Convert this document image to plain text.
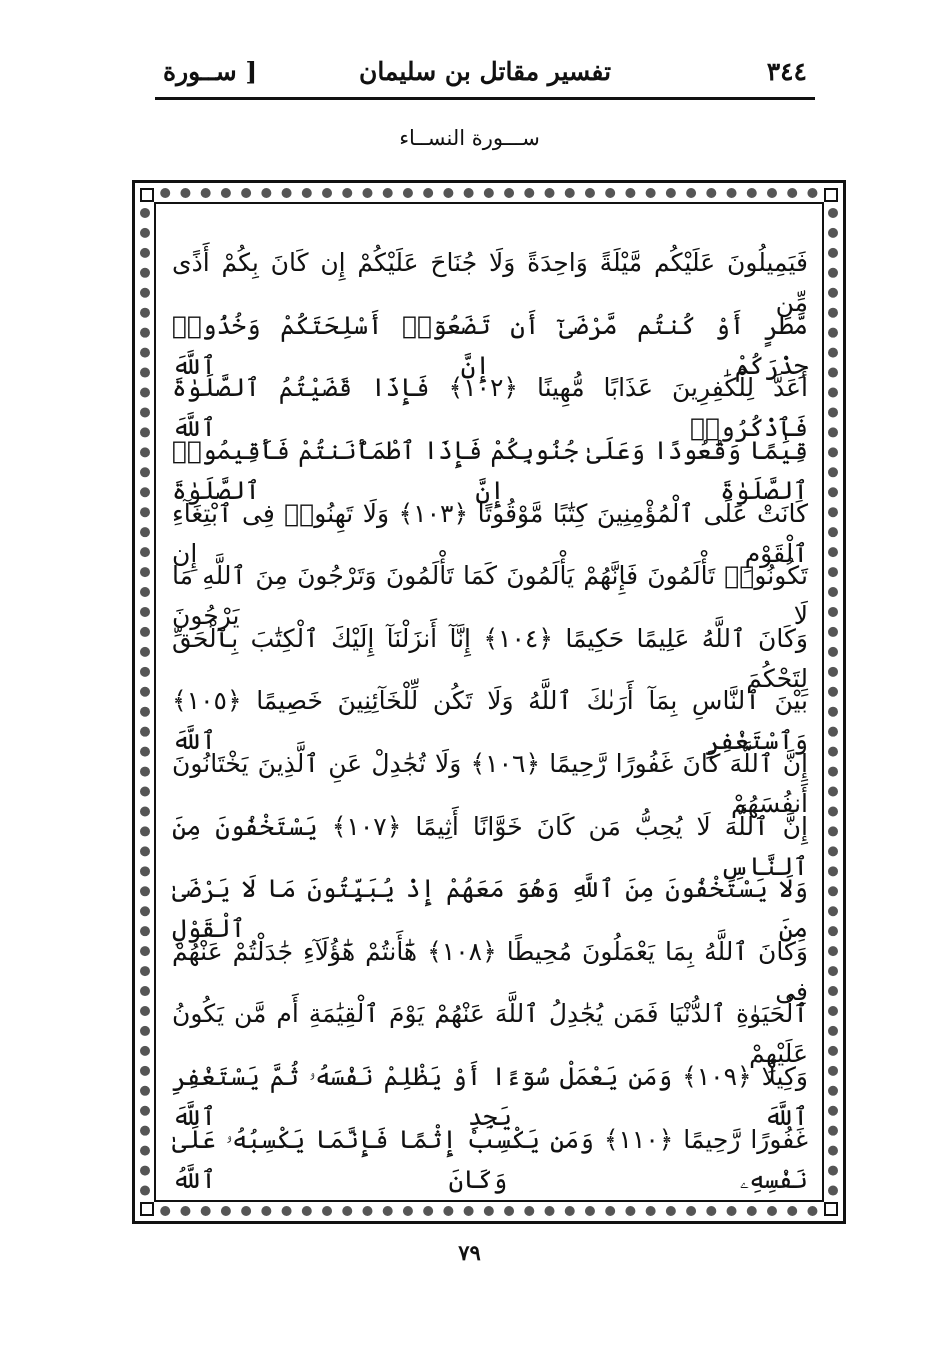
٣٤٤
تفسير مقاتل بن سليمان
[ ســورة
ســـورة النســاء
فَيَمِيلُونَ عَلَيْكُم مَّيْلَةً وَاحِدَةً وَلَا جُنَاحَ عَلَيْكُمْ إِن كَانَ بِكُمْ أَذًى مِّن
مَّطَرٍ أَوْ كُنتُم مَّرْضَىٰٓ أَن تَضَعُوٓا۟ أَسْلِحَتَكُمْ وَخُذُوا۟ حِذْرَكُمْ إِنَّ ٱللَّهَ
أَعَدَّ لِلْكَٰفِرِينَ عَذَابًا مُّهِينًا ﴿١٠٢﴾ فَإِذَا قَضَيْتُمُ ٱلصَّلَوٰةَ فَٱذْكُرُوا۟ ٱللَّهَ
قِيَٰمًا وَقُعُودًا وَعَلَىٰ جُنُوبِكُمْ فَإِذَا ٱطْمَأْنَنتُمْ فَأَقِيمُوا۟ ٱلصَّلَوٰةَ إِنَّ ٱلصَّلَوٰةَ
كَانَتْ عَلَى ٱلْمُؤْمِنِينَ كِتَٰبًا مَّوْقُوتًا ﴿١٠٣﴾ وَلَا تَهِنُوا۟ فِى ٱبْتِغَآءِ ٱلْقَوْمِ إِن
تَكُونُوا۟ تَأْلَمُونَ فَإِنَّهُمْ يَأْلَمُونَ كَمَا تَأْلَمُونَ وَتَرْجُونَ مِنَ ٱللَّهِ مَا لَا يَرْجُونَ
وَكَانَ ٱللَّهُ عَلِيمًا حَكِيمًا ﴿١٠٤﴾ إِنَّآ أَنزَلْنَآ إِلَيْكَ ٱلْكِتَٰبَ بِٱلْحَقِّ لِتَحْكُمَ
بَيْنَ ٱلنَّاسِ بِمَآ أَرَىٰكَ ٱللَّهُ وَلَا تَكُن لِّلْخَآئِنِينَ خَصِيمًا ﴿١٠٥﴾ وَٱسْتَغْفِرِ ٱللَّهَ
إِنَّ ٱللَّهَ كَانَ غَفُورًا رَّحِيمًا ﴿١٠٦﴾ وَلَا تُجَٰدِلْ عَنِ ٱلَّذِينَ يَخْتَانُونَ أَنفُسَهُمْ
إِنَّ ٱللَّهَ لَا يُحِبُّ مَن كَانَ خَوَّانًا أَثِيمًا ﴿١٠٧﴾ يَسْتَخْفُونَ مِنَ ٱلنَّاسِ
وَلَا يَسْتَخْفُونَ مِنَ ٱللَّهِ وَهُوَ مَعَهُمْ إِذْ يُبَيِّتُونَ مَا لَا يَرْضَىٰ مِنَ ٱلْقَوْلِ
وَكَانَ ٱللَّهُ بِمَا يَعْمَلُونَ مُحِيطًا ﴿١٠٨﴾ هَٰٓأَنتُمْ هَٰٓؤُلَآءِ جَٰدَلْتُمْ عَنْهُمْ فِى
ٱلْحَيَوٰةِ ٱلدُّنْيَا فَمَن يُجَٰدِلُ ٱللَّهَ عَنْهُمْ يَوْمَ ٱلْقِيَٰمَةِ أَم مَّن يَكُونُ عَلَيْهِمْ
وَكِيلًا ﴿١٠٩﴾ وَمَن يَعْمَلْ سُوٓءًا أَوْ يَظْلِمْ نَفْسَهُۥ ثُمَّ يَسْتَغْفِرِ ٱللَّهَ يَجِدِ ٱللَّهَ
غَفُورًا رَّحِيمًا ﴿١١٠﴾ وَمَن يَكْسِبْ إِثْمًا فَإِنَّمَا يَكْسِبُهُۥ عَلَىٰ نَفْسِهِۦ وَكَانَ ٱللَّهُ
٧٩
